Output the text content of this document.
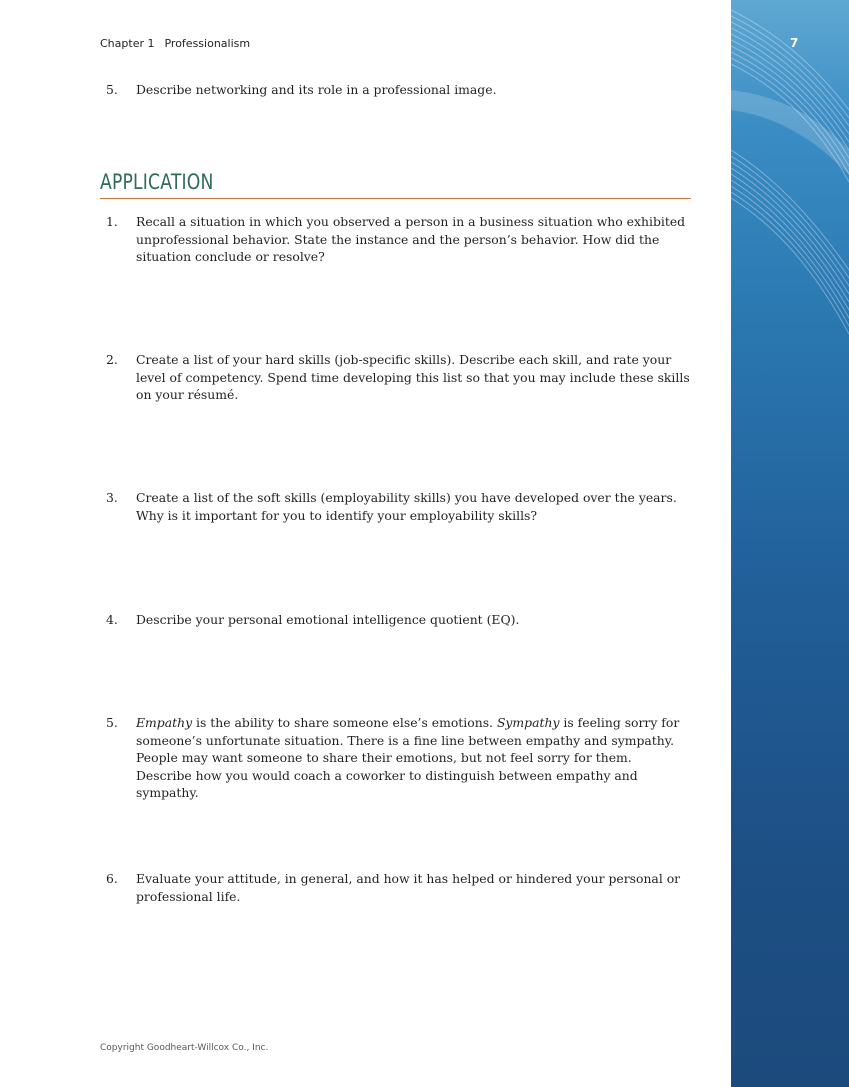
7
Chapter 1 Professionalism
5. Describe networking and its role in a professional image.
APPLICATION
1. Recall a situation in which you observed a person in a business situation who exhibited unprofessional behavior. State the instance and the person’s behavior. How did the situation conclude or resolve?
2. Create a list of your hard skills (job-specific skills). Describe each skill, and rate your level of competency. Spend time developing this list so that you may include these skills on your résumé.
3. Create a list of the soft skills (employability skills) you have developed over the years. Why is it important for you to identify your employability skills?
4. Describe your personal emotional intelligence quotient (EQ).
5. Empathy is the ability to share someone else’s emotions. Sympathy is feeling sorry for someone’s unfortunate situation. There is a fine line between empathy and sympathy. People may want someone to share their emotions, but not feel sorry for them. Describe how you would coach a coworker to distinguish between empathy and sympathy.
6. Evaluate your attitude, in general, and how it has helped or hindered your personal or professional life.
Copyright Goodheart-Willcox Co., Inc.
